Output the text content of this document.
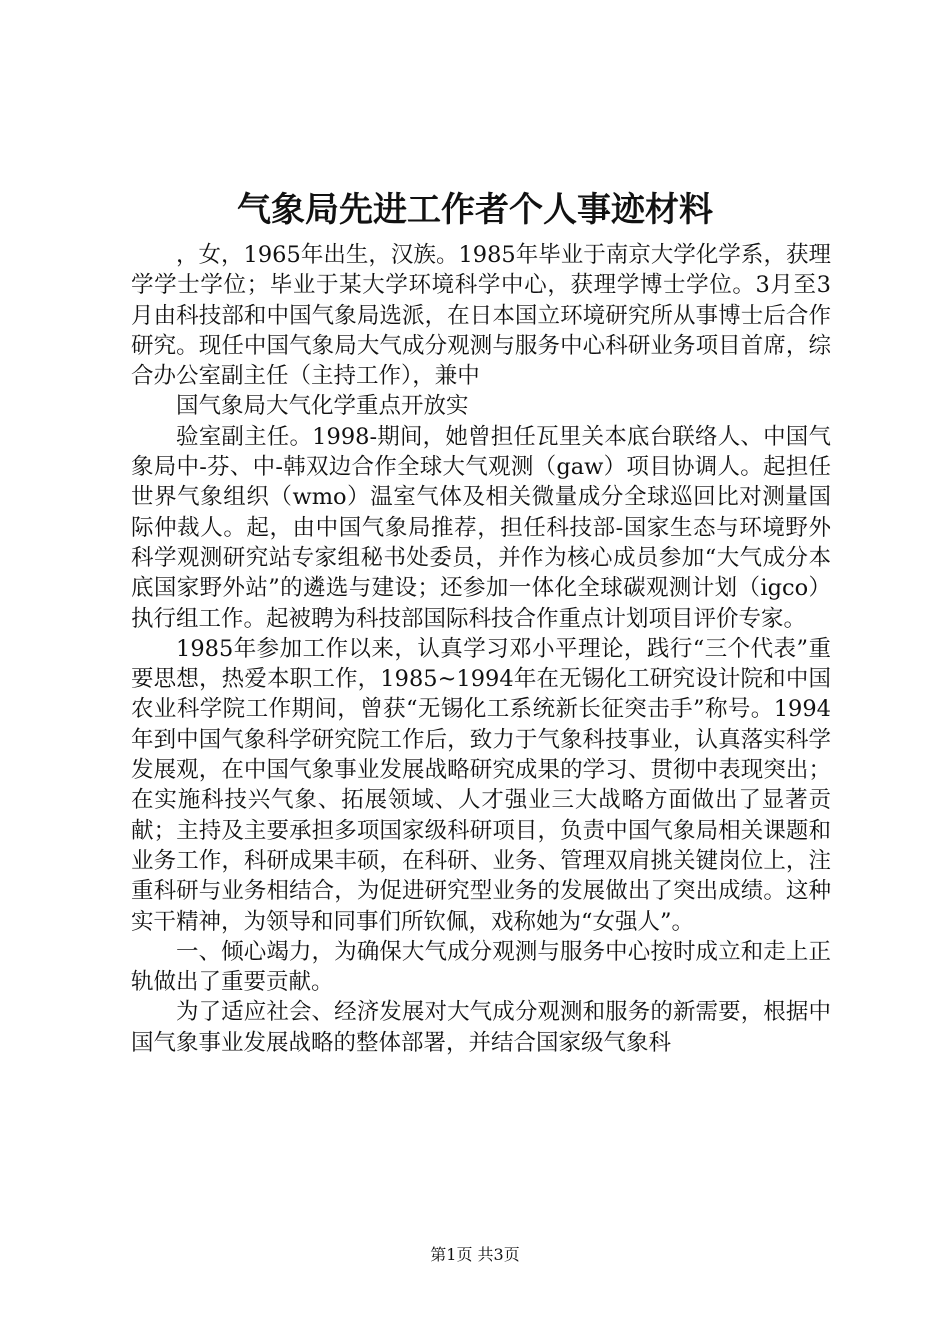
气象局先进工作者个人事迹材料

，女，1965年出生，汉族。1985年毕业于南京大学化学系，获理学学士学位；毕业于某大学环境科学中心，获理学博士学位。3月至3月由科技部和中国气象局选派，在日本国立环境研究所从事博士后合作研究。现任中国气象局大气成分观测与服务中心科研业务项目首席，综合办公室副主任（主持工作），兼中

国气象局大气化学重点开放实

验室副主任。1998-期间，她曾担任瓦里关本底台联络人、中国气象局中-芬、中-韩双边合作全球大气观测（gaw）项目协调人。起担任世界气象组织（wmo）温室气体及相关微量成分全球巡回比对测量国际仲裁人。起，由中国气象局推荐，担任科技部-国家生态与环境野外科学观测研究站专家组秘书处委员，并作为核心成员参加“大气成分本底国家野外站”的遴选与建设；还参加一体化全球碳观测计划（igco）执行组工作。起被聘为科技部国际科技合作重点计划项目评价专家。

1985年参加工作以来，认真学习邓小平理论，践行“三个代表”重要思想，热爱本职工作，1985~1994年在无锡化工研究设计院和中国农业科学院工作期间，曾获“无锡化工系统新长征突击手”称号。1994年到中国气象科学研究院工作后，致力于气象科技事业，认真落实科学发展观，在中国气象事业发展战略研究成果的学习、贯彻中表现突出；在实施科技兴气象、拓展领域、人才强业三大战略方面做出了显著贡献；主持及主要承担多项国家级科研项目，负责中国气象局相关课题和业务工作，科研成果丰硕，在科研、业务、管理双肩挑关键岗位上，注重科研与业务相结合，为促进研究型业务的发展做出了突出成绩。这种实干精神，为领导和同事们所钦佩，戏称她为“女强人”。

一、倾心竭力，为确保大气成分观测与服务中心按时成立和走上正轨做出了重要贡献。

为了适应社会、经济发展对大气成分观测和服务的新需要，根据中国气象事业发展战略的整体部署，并结合国家级气象科

第1页 共3页
